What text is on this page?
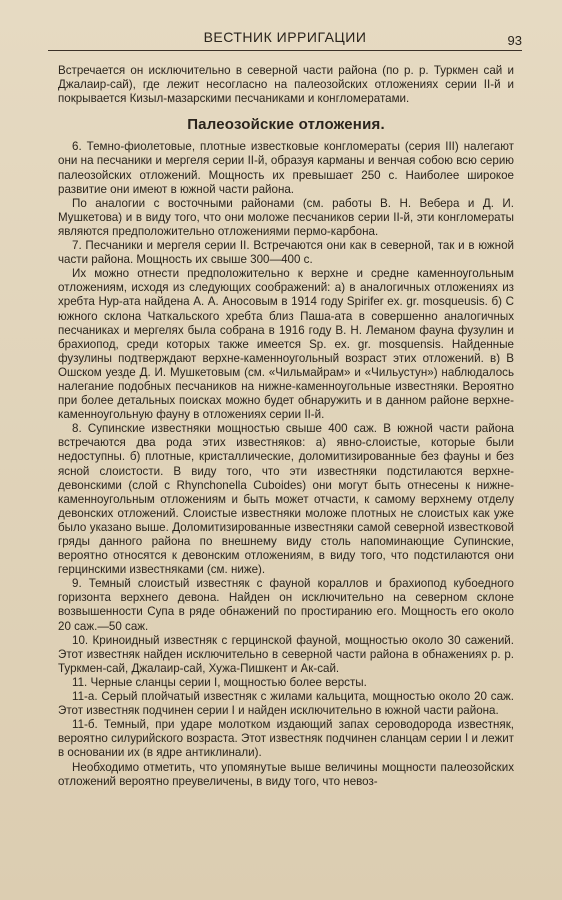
ВЕСТНИК ИРРИГАЦИИ	93

Встречается он исключительно в северной части района (по р. р. Туркмен сай и Джалаир-сай), где лежит несогласно на палеозойских отложениях серии II-й и покрывается Кизыл-мазарскими песчаниками и конгломератами.

Палеозойские отложения.

6. Темно-фиолетовые, плотные известковые конгломераты (серия III) налегают они на песчаники и мергеля серии II-й, образуя карманы и венчая собою всю серию палеозойских отложений. Мощность их превышает 250 с. Наиболее широкое развитие они имеют в южной части района.

По аналогии с восточными районами (см. работы В. Н. Вебера и Д. И. Мушкетова) и в виду того, что они моложе песчаников серии II-й, эти конгломераты являются предположительно отложениями пермо-карбона.

7. Песчаники и мергеля серии II. Встречаются они как в северной, так и в южной части района. Мощность их свыше 300—400 с.

Их можно отнести предположительно к верхне и средне каменноугольным отложениям, исходя из следующих соображений: а) в аналогичных отложениях из хребта Нур-ата найдена А. А. Аносовым в 1914 году Spirifer ex. gr. mosqueusis. б) С южного склона Чаткальского хребта близ Паша-ата в совершенно аналогичных песчаниках и мергелях была собрана в 1916 году В. Н. Леманом фауна фузулин и брахиопод, среди которых также имеется Sp. ex. gr. mosquensis. Найденные фузулины подтверждают верхне-каменноугольный возраст этих отложений. в) В Ошском уезде Д. И. Мушкетовым (см. «Чильмайрам» и «Чильустун») наблюдалось налегание подобных песчаников на нижне-каменноугольные известняки. Вероятно при более детальных поисках можно будет обнаружить и в данном районе верхне-каменноугольную фауну в отложениях серии II-й.

8. Супинские известняки мощностью свыше 400 саж. В южной части района встречаются два рода этих известняков: а) явно-слоистые, которые были недоступны. б) плотные, кристаллические, доломитизированные без фауны и без ясной слоистости. В виду того, что эти известняки подстилаются верхне-девонскими (слой с Rhynchonella Cuboides) они могут быть отнесены к нижне-каменноугольным отложениям и быть может отчасти, к самому верхнему отделу девонских отложений. Слоистые известняки моложе плотных не слоистых как уже было указано выше. Доломитизированные известняки самой северной известковой гряды данного района по внешнему виду столь напоминающие Супинские, вероятно относятся к девонским отложениям, в виду того, что подстилаются они герцинскими известняками (см. ниже).

9. Темный слоистый известняк с фауной кораллов и брахиопод кубоедного горизонта верхнего девона. Найден он исключительно на северном склоне возвышенности Супа в ряде обнажений по простиранию его. Мощность его около 20 саж.—50 саж.

10. Криноидный известняк с герцинской фауной, мощностью около 30 сажений. Этот известняк найден исключительно в северной части района в обнажениях р. р. Туркмен-сай, Джалаир-сай, Хужа-Пишкент и Ак-сай.

11. Черные сланцы серии I, мощностью более версты.

11-а. Серый плойчатый известняк с жилами кальцита, мощностью около 20 саж. Этот известняк подчинен серии I и найден исключительно в южной части района.

11-б. Темный, при ударе молотком издающий запах сероводорода известняк, вероятно силурийского возраста. Этот известняк подчинен сланцам серии I и лежит в основании их (в ядре антиклинали).

Необходимо отметить, что упомянутые выше величины мощности палеозойских отложений вероятно преувеличены, в виду того, что невоз-
